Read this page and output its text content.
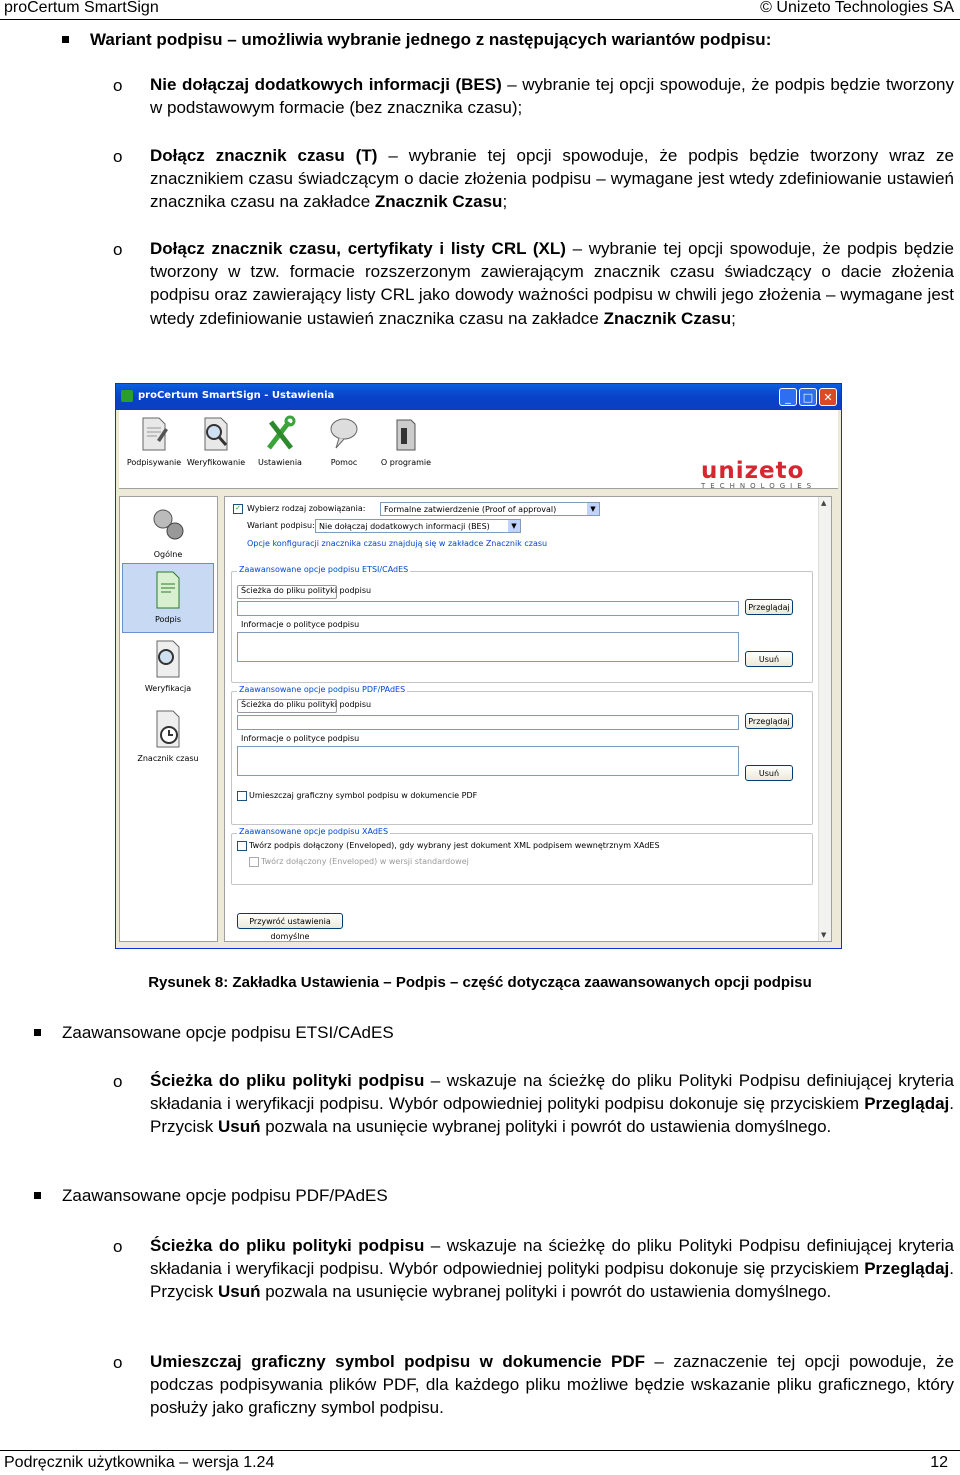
proCertum SmartSign	© Unizeto Technologies SA
Wariant podpisu – umożliwia wybranie jednego z następujących wariantów podpisu:
o Nie dołączaj dodatkowych informacji (BES) – wybranie tej opcji spowoduje, że podpis będzie tworzony w podstawowym formacie (bez znacznika czasu);
o Dołącz znacznik czasu (T) – wybranie tej opcji spowoduje, że podpis będzie tworzony wraz ze znacznikiem czasu świadczącym o dacie złożenia podpisu – wymagane jest wtedy zdefiniowanie ustawień znacznika czasu na zakładce Znacznik Czasu;
o Dołącz znacznik czasu, certyfikaty i listy CRL (XL) – wybranie tej opcji spowoduje, że podpis będzie tworzony w tzw. formacie rozszerzonym zawierającym znacznik czasu świadczący o dacie złożenia podpisu oraz zawierający listy CRL jako dowody ważności podpisu w chwili jego złożenia – wymagane jest wtedy zdefiniowanie ustawień znacznika czasu na zakładce Znacznik Czasu;
proCertum SmartSign - Ustawienia	_	□ ✕
Podpisywanie Weryfikowanie	Ustawienia	Pomoc	O programie	unizeto
TECHNOLOGIES
Ogólne
Podpis
Weryfikacja
Znacznik czasu
✓ Wybierz rodzaj zobowiązania:	Formalne zatwierdzenie (Proof of approval)	▼
Wariant podpisu: Nie dołączaj dodatkowych informacji (BES)	▼
Opcje konfiguracji znacznika czasu znajdują się w zakładce Znacznik czasu
Zaawansowane opcje podpisu ETSI/CAdES
Ścieżka do pliku polityki podpisu
Przeglądaj
Informacje o polityce podpisu
Usuń
Zaawansowane opcje podpisu PDF/PAdES
Ścieżka do pliku polityki podpisu
Przeglądaj
Informacje o polityce podpisu
Usuń
Umieszczaj graficzny symbol podpisu w dokumencie PDF
Zaawansowane opcje podpisu XAdES
Twórz podpis dołączony (Enveloped), gdy wybrany jest dokument XML podpisem wewnętrznym XAdES
Twórz dołączony (Enveloped) w wersji standardowej
Przywróć ustawienia domyślne
▲
▼
Rysunek 8: Zakładka Ustawienia – Podpis – część dotycząca zaawansowanych opcji podpisu
Zaawansowane opcje podpisu ETSI/CAdES
o Ścieżka do pliku polityki podpisu – wskazuje na ścieżkę do pliku Polityki Podpisu definiującej kryteria składania i weryfikacji podpisu. Wybór odpowiedniej polityki podpisu dokonuje się przyciskiem Przeglądaj. Przycisk Usuń pozwala na usunięcie wybranej polityki i powrót do ustawienia domyślnego.
Zaawansowane opcje podpisu PDF/PAdES
o Ścieżka do pliku polityki podpisu – wskazuje na ścieżkę do pliku Polityki Podpisu definiującej kryteria składania i weryfikacji podpisu. Wybór odpowiedniej polityki podpisu dokonuje się przyciskiem Przeglądaj. Przycisk Usuń pozwala na usunięcie wybranej polityki i powrót do ustawienia domyślnego.
o Umieszczaj graficzny symbol podpisu w dokumencie PDF – zaznaczenie tej opcji powoduje, że podczas podpisywania plików PDF, dla każdego pliku możliwe będzie wskazanie pliku graficznego, który posłuży jako graficzny symbol podpisu.
Podręcznik użytkownika – wersja 1.24	12
